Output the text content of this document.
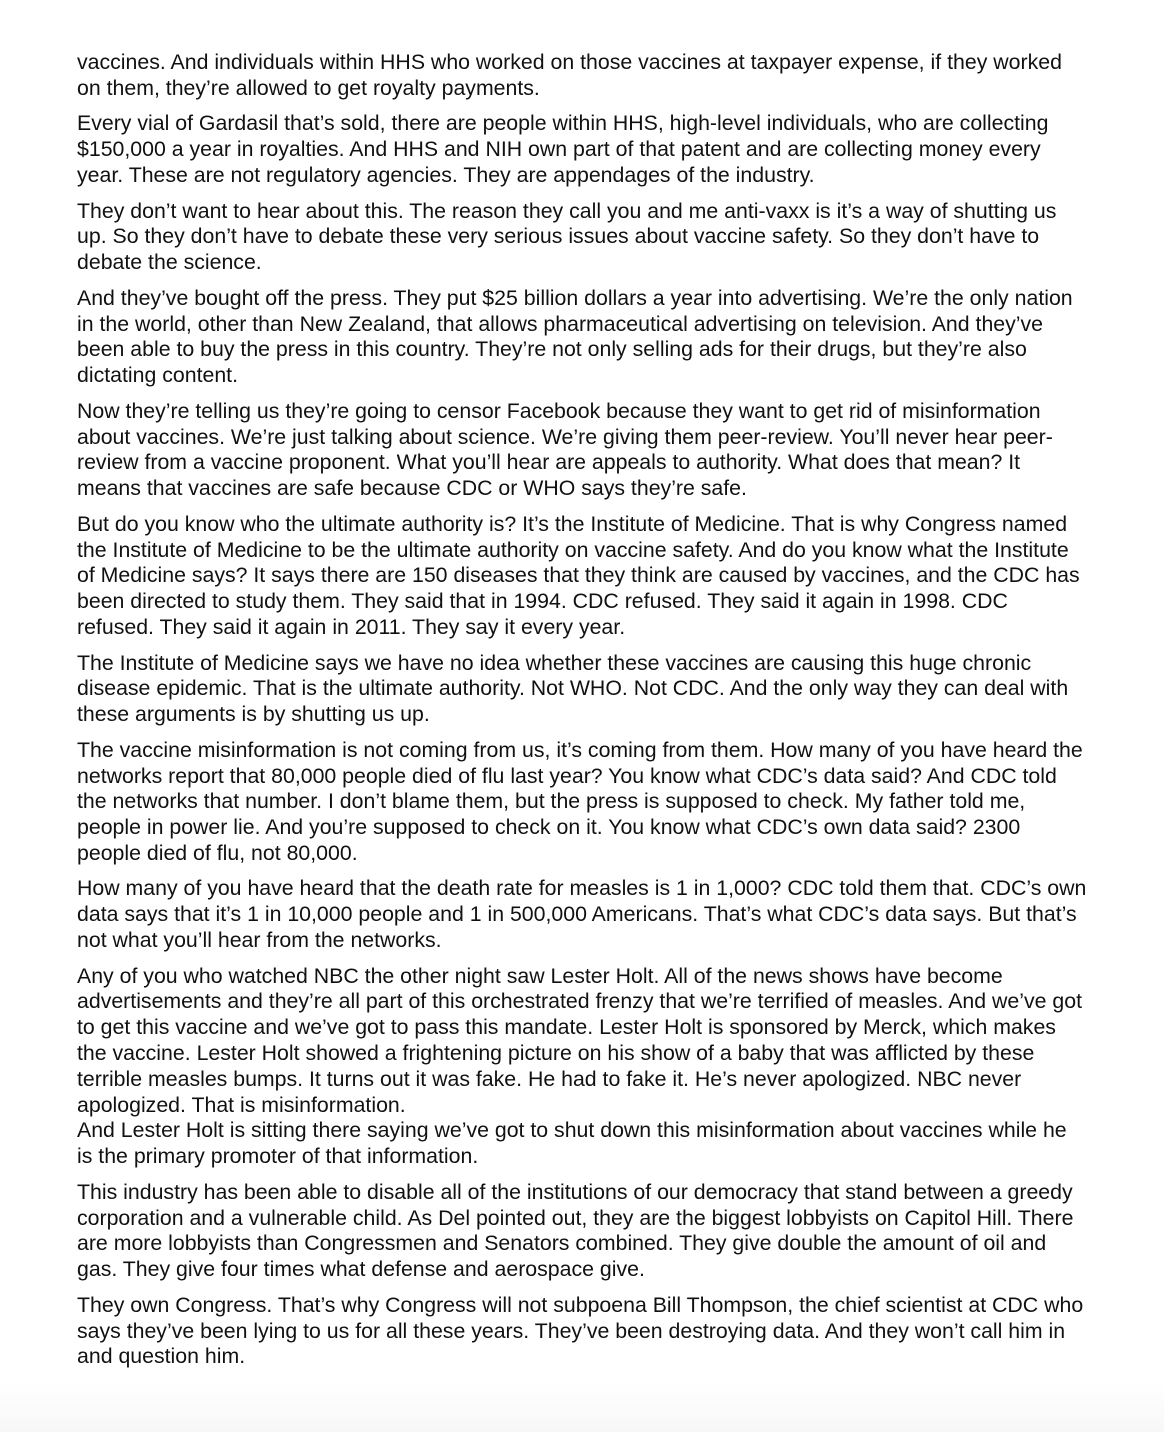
vaccines. And individuals within HHS who worked on those vaccines at taxpayer expense, if they worked on them, they’re allowed to get royalty payments.

Every vial of Gardasil that’s sold, there are people within HHS, high-level individuals, who are collecting $150,000 a year in royalties. And HHS and NIH own part of that patent and are collecting money every year. These are not regulatory agencies. They are appendages of the industry.

They don’t want to hear about this. The reason they call you and me anti-vaxx is it’s a way of shutting us up. So they don’t have to debate these very serious issues about vaccine safety. So they don’t have to debate the science.

And they’ve bought off the press. They put $25 billion dollars a year into advertising. We’re the only nation in the world, other than New Zealand, that allows pharmaceutical advertising on television. And they’ve been able to buy the press in this country. They’re not only selling ads for their drugs, but they’re also dictating content.

Now they’re telling us they’re going to censor Facebook because they want to get rid of misinformation about vaccines. We’re just talking about science. We’re giving them peer-review. You’ll never hear peer-review from a vaccine proponent. What you’ll hear are appeals to authority. What does that mean? It means that vaccines are safe because CDC or WHO says they’re safe.

But do you know who the ultimate authority is? It’s the Institute of Medicine. That is why Congress named the Institute of Medicine to be the ultimate authority on vaccine safety. And do you know what the Institute of Medicine says? It says there are 150 diseases that they think are caused by vaccines, and the CDC has been directed to study them. They said that in 1994. CDC refused. They said it again in 1998. CDC refused. They said it again in 2011. They say it every year.

The Institute of Medicine says we have no idea whether these vaccines are causing this huge chronic disease epidemic. That is the ultimate authority. Not WHO. Not CDC. And the only way they can deal with these arguments is by shutting us up.

The vaccine misinformation is not coming from us, it’s coming from them. How many of you have heard the networks report that 80,000 people died of flu last year? You know what CDC’s data said? And CDC told the networks that number. I don’t blame them, but the press is supposed to check. My father told me, people in power lie. And you’re supposed to check on it. You know what CDC’s own data said? 2300 people died of flu, not 80,000.

How many of you have heard that the death rate for measles is 1 in 1,000? CDC told them that. CDC’s own data says that it’s 1 in 10,000 people and 1 in 500,000 Americans. That’s what CDC’s data says. But that’s not what you’ll hear from the networks.

Any of you who watched NBC the other night saw Lester Holt. All of the news shows have become advertisements and they’re all part of this orchestrated frenzy that we’re terrified of measles. And we’ve got to get this vaccine and we’ve got to pass this mandate. Lester Holt is sponsored by Merck, which makes the vaccine. Lester Holt showed a frightening picture on his show of a baby that was afflicted by these terrible measles bumps. It turns out it was fake. He had to fake it. He’s never apologized. NBC never apologized. That is misinformation.

And Lester Holt is sitting there saying we’ve got to shut down this misinformation about vaccines while he is the primary promoter of that information.

This industry has been able to disable all of the institutions of our democracy that stand between a greedy corporation and a vulnerable child. As Del pointed out, they are the biggest lobbyists on Capitol Hill. There are more lobbyists than Congressmen and Senators combined. They give double the amount of oil and gas. They give four times what defense and aerospace give.

They own Congress. That’s why Congress will not subpoena Bill Thompson, the chief scientist at CDC who says they’ve been lying to us for all these years. They’ve been destroying data. And they won’t call him in and question him.
